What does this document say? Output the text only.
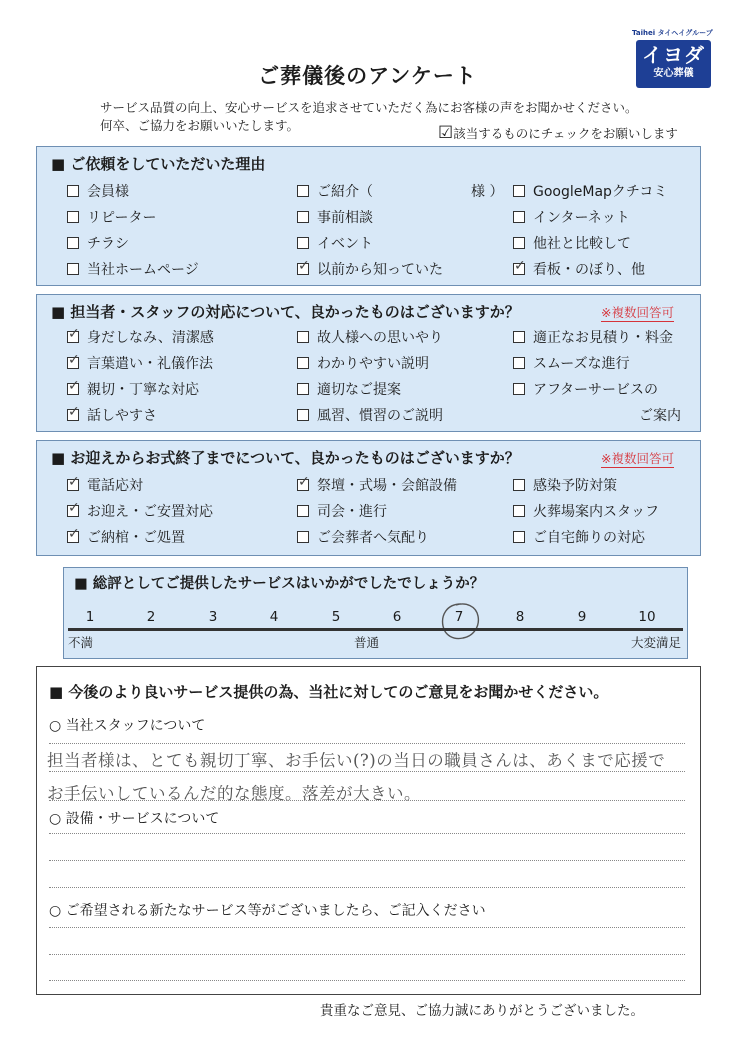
Taihei タイヘイグループ
イヨダ
安心葬儀
ご葬儀後のアンケート
サービス品質の向上、安心サービスを追求させていただく為にお客様の声をお聞かせください。
何卒、ご協力をお願いいたします。	☑該当するものにチェックをお願いします
■ ご依頼をしていただいた理由
会員様	ご紹介（　　　　　　　様 ）	GoogleMapクチコミ
リピーター	事前相談	インターネット
チラシ	イベント	他社と比較して
当社ホームページ ✓	以前から知っていた ✓	看板・のぼり、他
■ 担当者・スタッフの対応について、良かったものはございますか？	※複数回答可
✓身だしなみ、清潔感	故人様への思いやり	適正なお見積り・料金
✓言葉遣い・礼儀作法	わかりやすい説明	スムーズな進行
✓親切・丁寧な対応	適切なご提案	アフターサービスの
✓話しやすさ	風習、慣習のご説明	ご案内
■ お迎えからお式終了までについて、良かったものはございますか？	※複数回答可
✓電話応対 ✓	祭壇・式場・会館設備	感染予防対策
✓お迎え・ご安置対応	司会・進行	火葬場案内スタッフ
✓ご納棺・ご処置	ご会葬者へ気配り	ご自宅飾りの対応
■ 総評としてご提供したサービスはいかがでしたでしょうか？
1	2	3	4	5	6	7	8	9	10
不満	普通	大変満足
■ 今後のより良いサービス提供の為、当社に対してのご意見をお聞かせください。
○ 当社スタッフについて
担当者様は、とても親切丁寧、お手伝い(?)の当日の職員さんは、あくまで応援で
お手伝いしているんだ的な態度。落差が大きい。
○ 設備・サービスについて
○ ご希望される新たなサービス等がございましたら、ご記入ください
貴重なご意見、ご協力誠にありがとうございました。
